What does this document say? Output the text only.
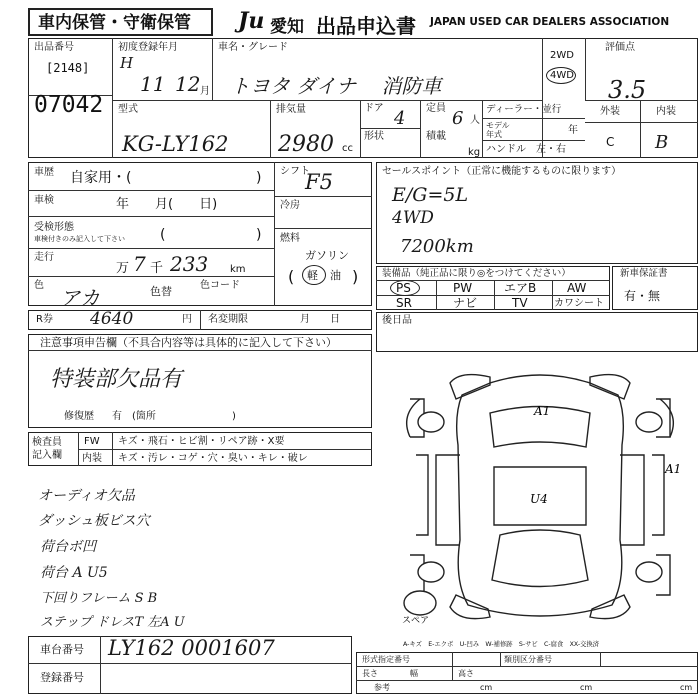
車内保管・守衛保管 Ju 愛知 出品申込書 JAPAN USED CAR DEALERS ASSOCIATION
出品番号
[2148]
07042
初度登録年月
H
11 12 月
車名・グレード
トヨタ ダイナ    消防車
2WD
4WD
評価点
3.5
外装	内装
C B
型式
KG-LY162
排気量
2980 cc
ドア 4
形状
定員 6 人
積載
kg
ディーラー・並行
モデル
年式	年
ハンドル　左・右
車歴 自家用・(	)
車検	年　　月(　　日)
受検形態
車検付きのみ記入して下さい	(	)
走行
万 7 千 233 km
色
アカ	色替	色コード
シフト
F5
冷房
燃料
ガソリン
( 軽 油 )
セールスポイント（正常に機能するものに限ります）
E/G=5L
4WD
7200km
装備品（純正品に限り◎をつけてください）
PS	PW	エアB	AW
SR	ナビ	TV	カワシート
新車保証書
有・無
R券 4640	円 名変期限	月　　日	後日品
注意事項申告欄（不具合内容等は具体的に記入して下さい）
特装部欠品有
修復歴 有　(箇所	)
検査員
記入欄
FW キズ・飛石・ヒビ割・リペア跡・X要
内装 キズ・汚レ・コゲ・穴・臭い・キレ・破レ
オーディオ欠品
ダッシュ板ビス穴
荷台ボ凹
荷台 A U5
下回りフレーム S B
ステップ ドレスT 左A U
A1
U4
A1
スペア
A-キズ　E-エクボ　U-凹み　W-補修跡　S-サビ　C-腐食　XX-交換済
車台番号 LY162 0001607
登録番号
形式指定番号	類別区分番号
長さ	幅	高さ
参考	cm	cm	cm
